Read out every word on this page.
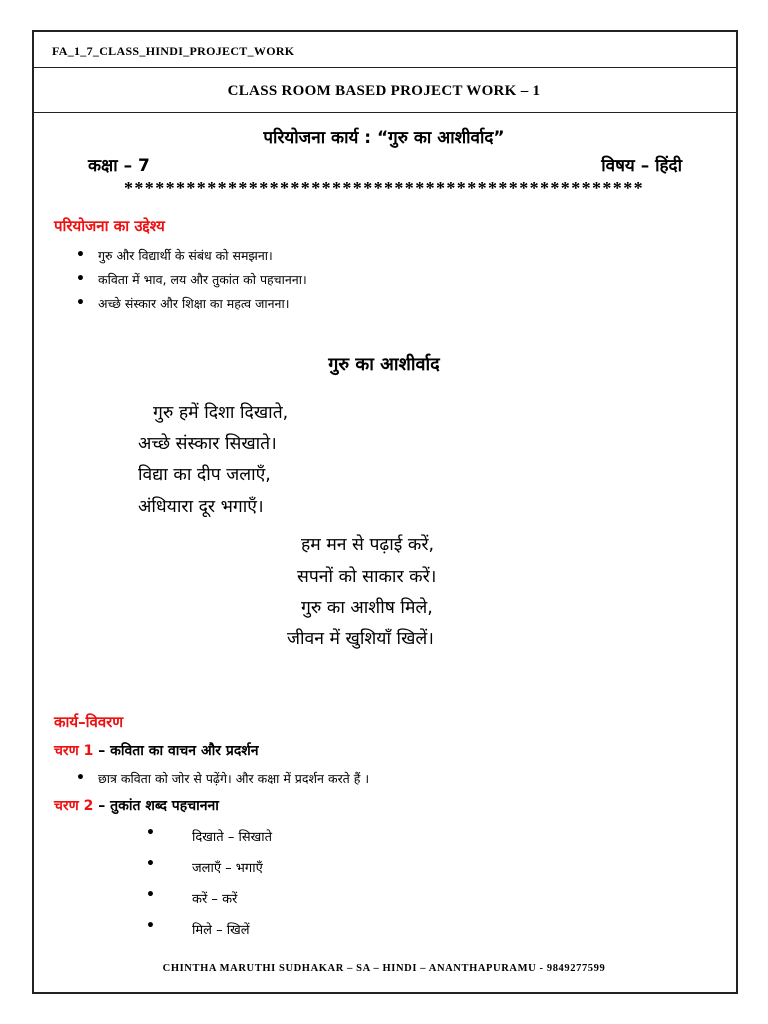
FA_1_7_CLASS_HINDI_PROJECT_WORK
CLASS ROOM BASED PROJECT WORK – 1
परियोजना कार्य : “गुरु का आशीर्वाद”
कक्षा – 7	विषय – हिंदी
**************************************************
परियोजना का उद्देश्य
• गुरु और विद्यार्थी के संबंध को समझना।
• कविता में भाव, लय और तुकांत को पहचानना।
• अच्छे संस्कार और शिक्षा का महत्व जानना।
गुरु का आशीर्वाद
गुरु हमें दिशा दिखाते,
अच्छे संस्कार सिखाते।
विद्या का दीप जलाएँ,
अंधियारा दूर भगाएँ।
हम मन से पढ़ाई करें,
सपनों को साकार करें।
गुरु का आशीष मिले,
जीवन में खुशियाँ खिलें।
कार्य–विवरण
चरण 1 – कविता का वाचन और प्रदर्शन
• छात्र कविता को जोर से पढ़ेंगे। और कक्षा में प्रदर्शन करते हैं ।
चरण 2 – तुकांत शब्द पहचानना
•	दिखाते – सिखाते
•	जलाएँ – भगाएँ
•	करें – करें
•	मिले – खिलें
CHINTHA MARUTHI SUDHAKAR – SA – HINDI – ANANTHAPURAMU - 9849277599
